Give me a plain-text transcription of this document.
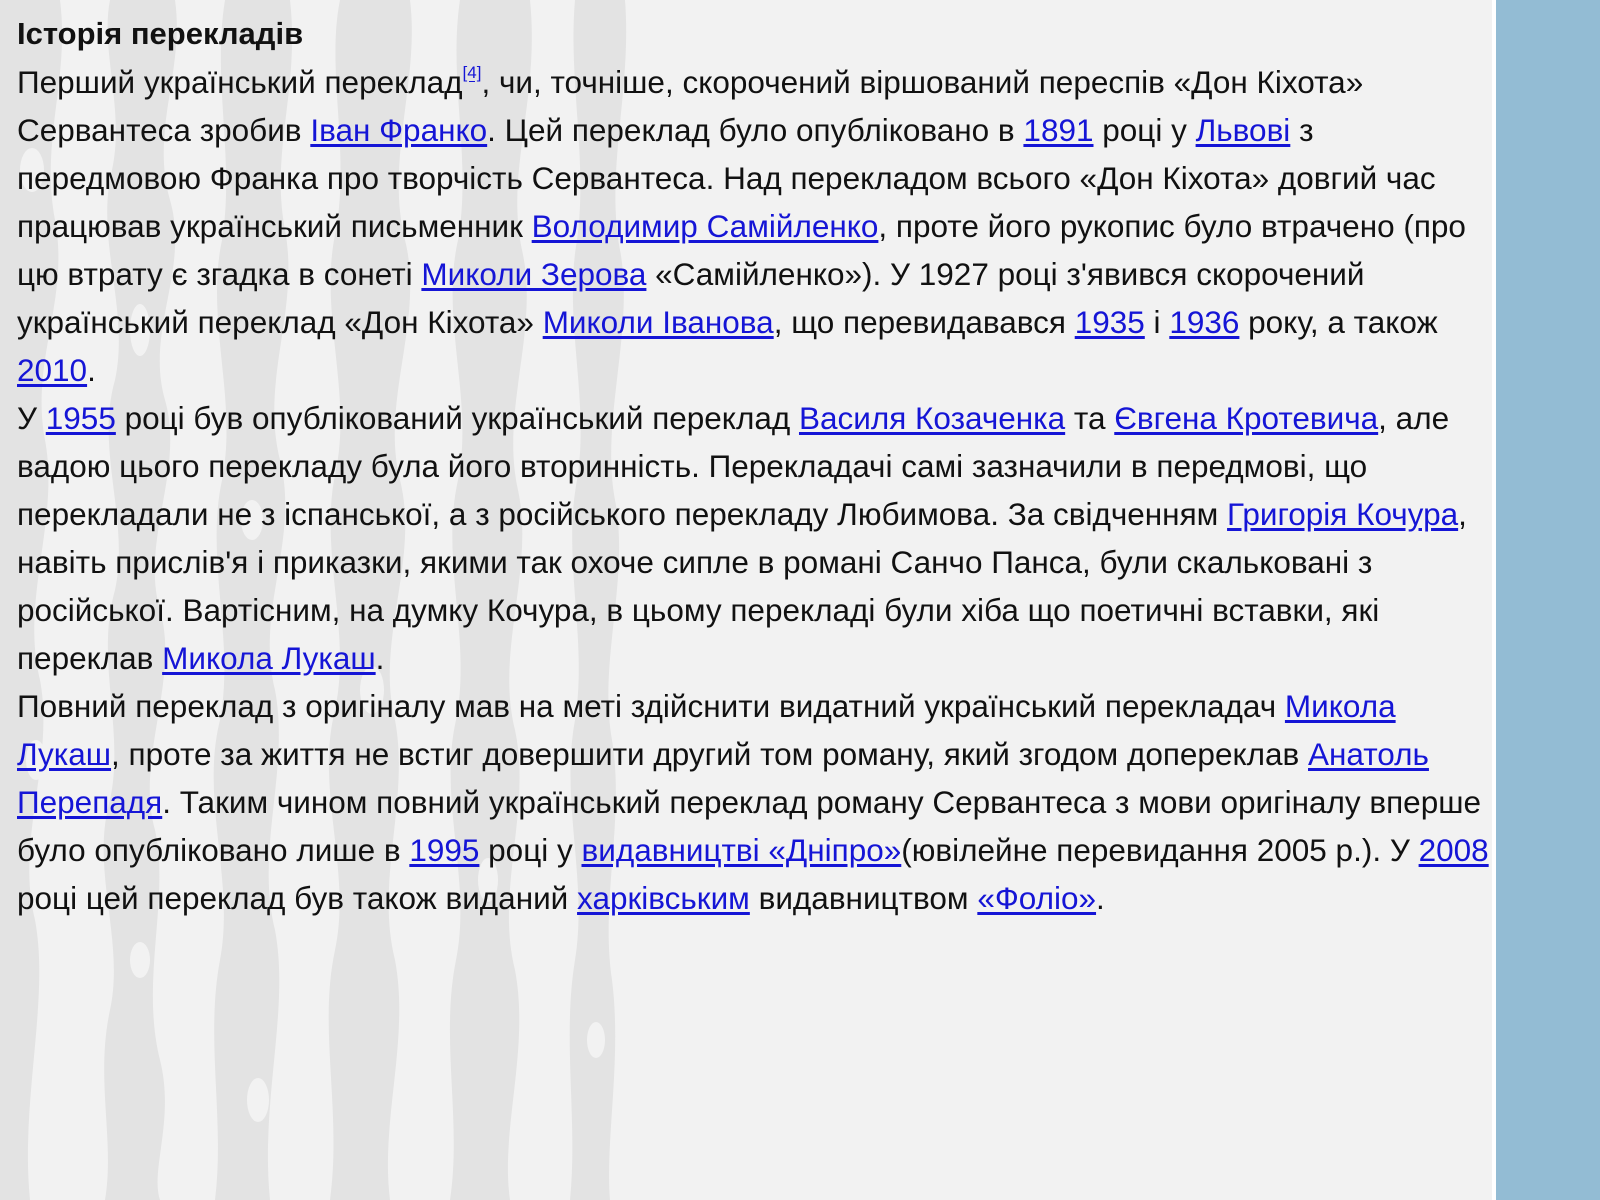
Історія перекладів

Перший український переклад[4], чи, точніше, скорочений віршований переспів «Дон Кіхота» Сервантеса зробив Іван Франко. Цей переклад було опубліковано в 1891 році у Львові з передмовою Франка про творчість Сервантеса. Над перекладом всього «Дон Кіхота» довгий час працював український письменник Володимир Самійленко, проте його рукопис було втрачено (про цю втрату є згадка в сонеті Миколи Зерова «Самійленко»). У 1927 році з'явився скорочений український переклад «Дон Кіхота» Миколи Іванова, що перевидавався 1935 і 1936 року, а також 2010.

У 1955 році був опублікований український переклад Василя Козаченка та Євгена Кротевича, але вадою цього перекладу була його вторинність. Перекладачі самі зазначили в передмові, що перекладали не з іспанської, а з російського перекладу Любимова. За свідченням Григорія Кочура, навіть прислів'я і приказки, якими так охоче сипле в романі Санчо Панса, були скальковані з російської. Вартісним, на думку Кочура, в цьому перекладі були хіба що поетичні вставки, які переклав Микола Лукаш.

Повний переклад з оригіналу мав на меті здійснити видатний український перекладач Микола Лукаш, проте за життя не встиг довершити другий том роману, який згодом допереклав Анатоль Перепадя. Таким чином повний український переклад роману Сервантеса з мови оригіналу вперше було опубліковано лише в 1995 році у видавництві «Дніпро»(ювілейне перевидання 2005 р.). У 2008 році цей переклад був також виданий харківським видавництвом «Фоліо».
